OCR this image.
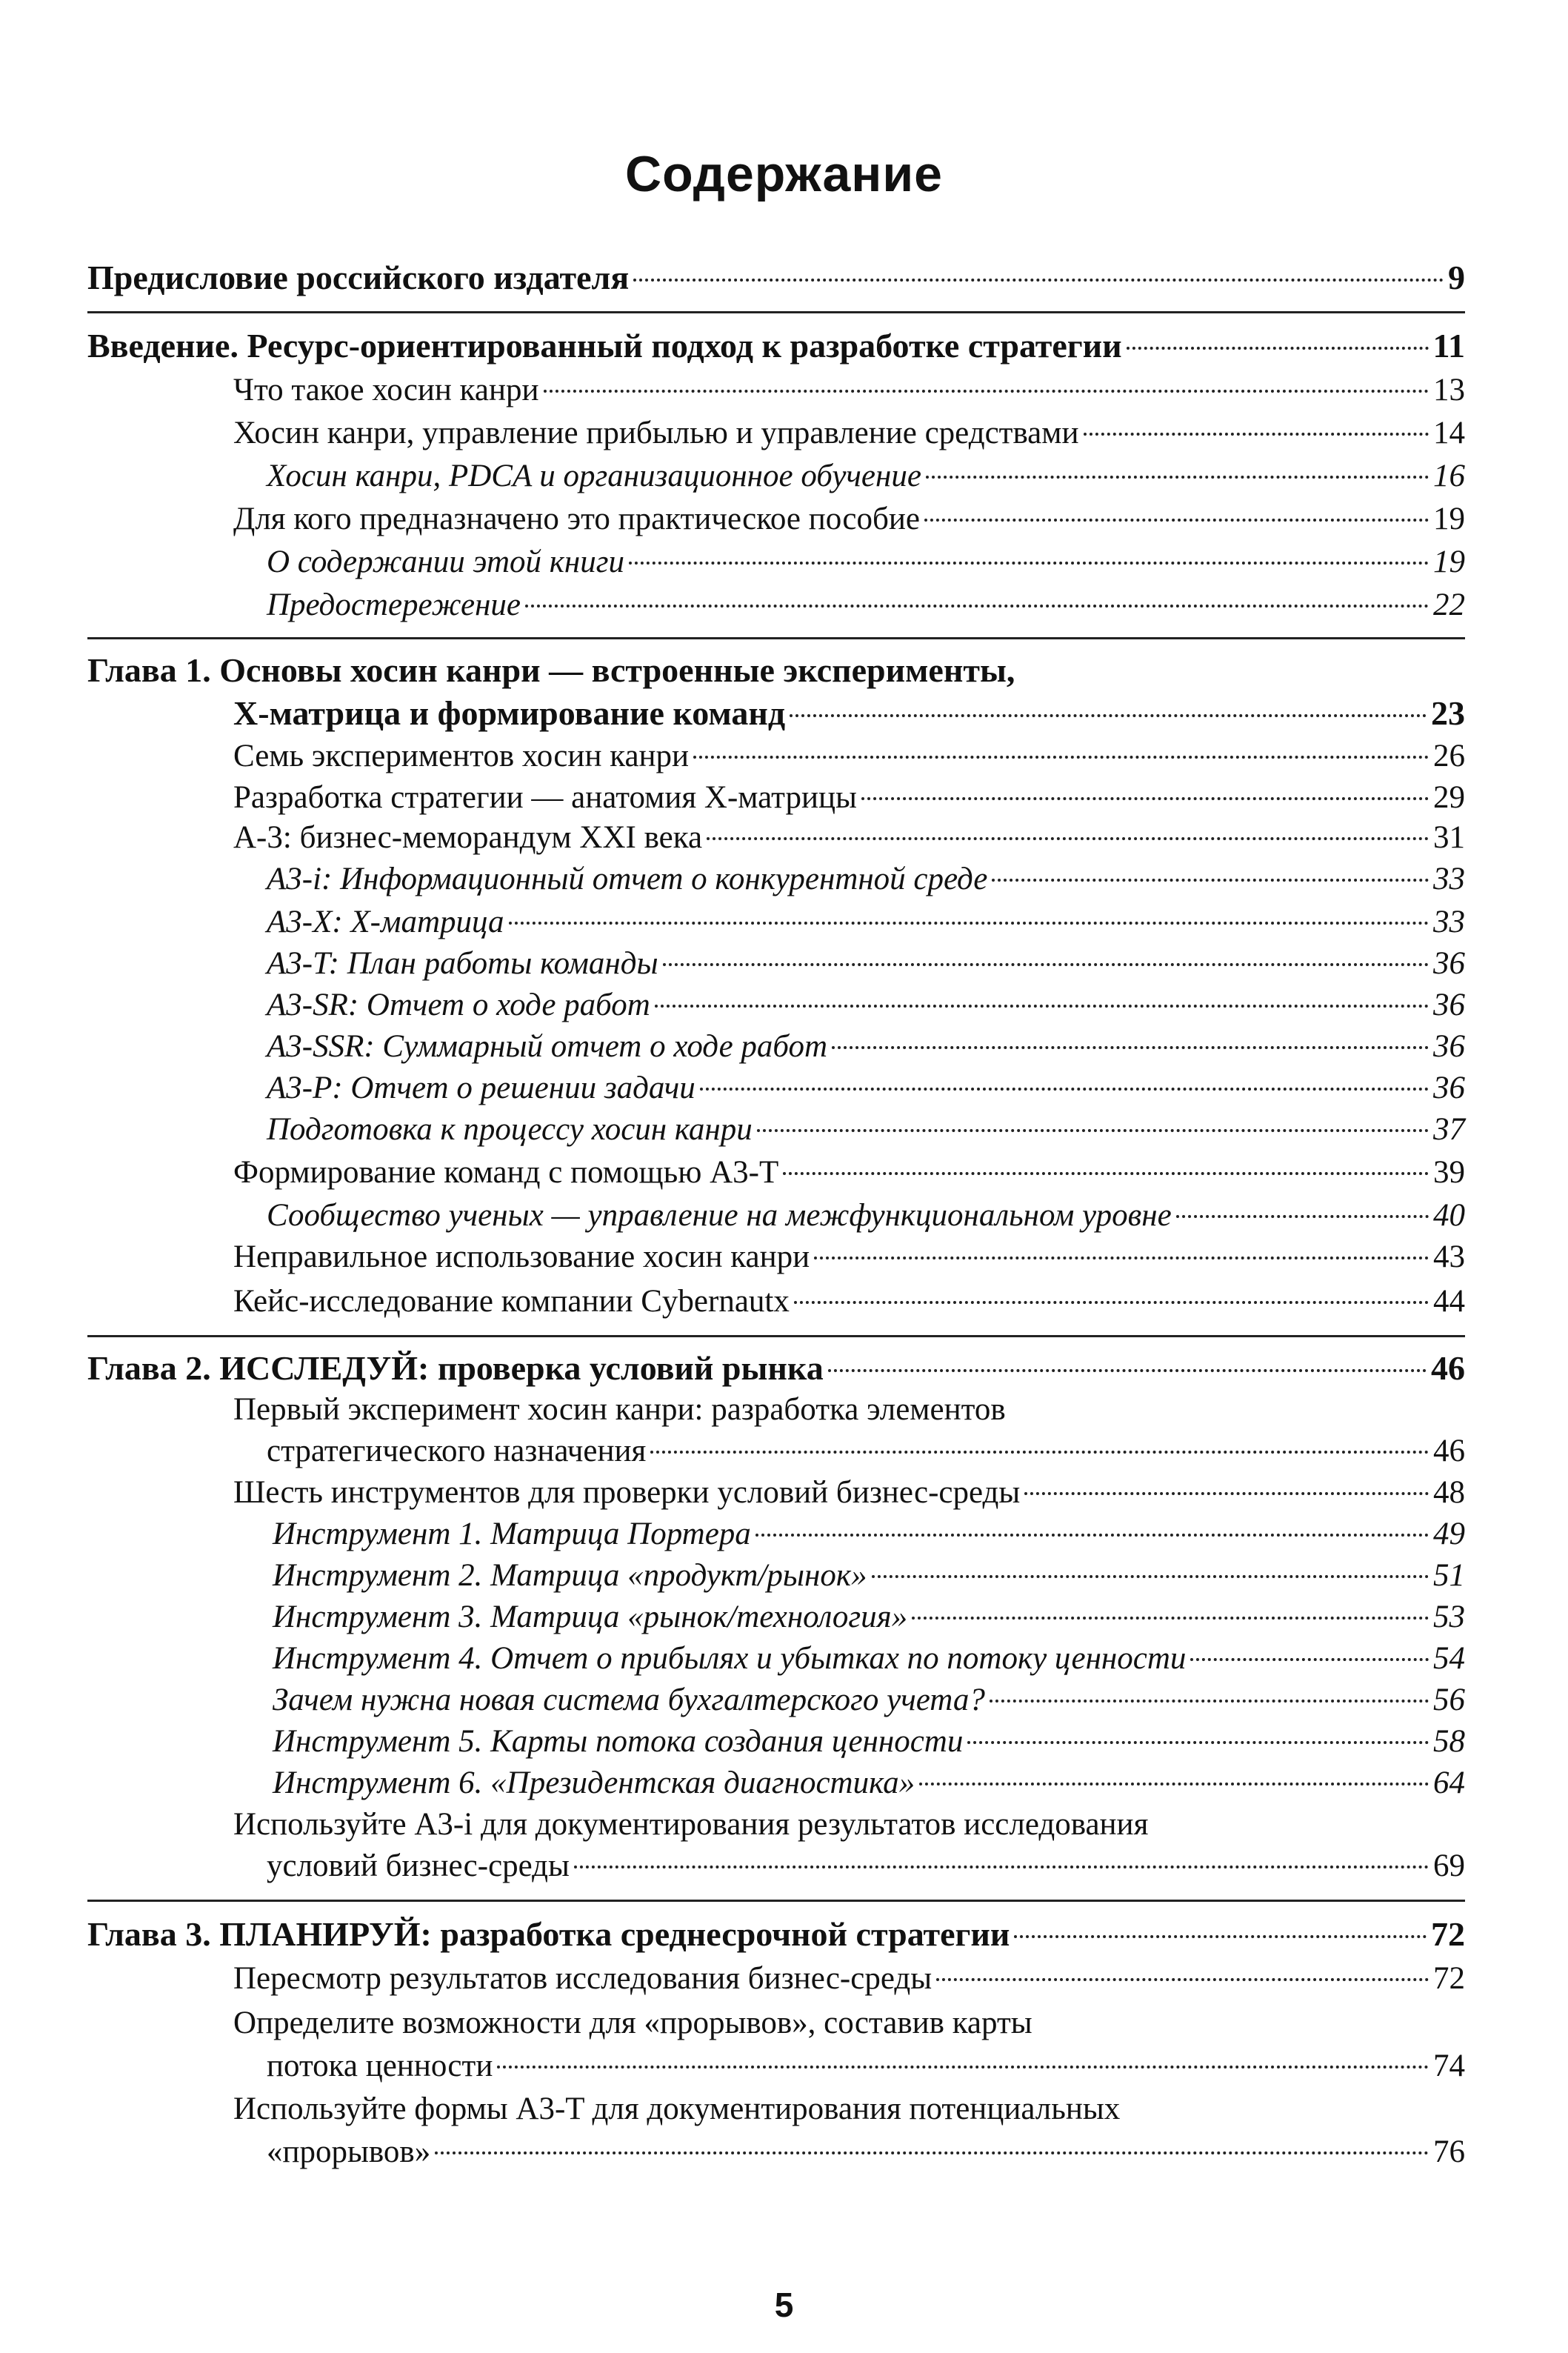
Содержание
Предисловие российского издателя	9
Введение. Ресурс-ориентированный подход к разработке стратегии	11
Что такое хосин канри	13
Хосин канри, управление прибылью и управление средствами	14
Хосин канри, PDCA и организационное обучение	16
Для кого предназначено это практическое пособие	19
О содержании этой книги	19
Предостережение	22
Глава 1. Основы хосин канри — встроенные эксперименты,
Х-матрица и формирование команд	23
Семь экспериментов хосин канри	26
Разработка стратегии — анатомия Х-матрицы	29
А-3: бизнес-меморандум XXI века	31
A3-i: Информационный отчет о конкурентной среде	33
A3-X: Х-матрица	33
A3-T: План работы команды	36
A3-SR: Отчет о ходе работ	36
A3-SSR: Суммарный отчет о ходе работ	36
A3-P: Отчет о решении задачи	36
Подготовка к процессу хосин канри	37
Формирование команд с помощью A3-T	39
Сообщество ученых — управление на межфункциональном уровне	40
Неправильное использование хосин канри	43
Кейс-исследование компании Cybernautx	44
Глава 2. ИССЛЕДУЙ: проверка условий рынка	46
Первый эксперимент хосин канри: разработка элементов
стратегического назначения	46
Шесть инструментов для проверки условий бизнес-среды	48
Инструмент 1. Матрица Портера	49
Инструмент 2. Матрица «продукт/рынок»	51
Инструмент 3. Матрица «рынок/технология»	53
Инструмент 4. Отчет о прибылях и убытках по потоку ценности	54
Зачем нужна новая система бухгалтерского учета?	56
Инструмент 5. Карты потока создания ценности	58
Инструмент 6. «Президентская диагностика»	64
Используйте A3-i для документирования результатов исследования
условий бизнес-среды	69
Глава 3. ПЛАНИРУЙ: разработка среднесрочной стратегии	72
Пересмотр результатов исследования бизнес-среды	72
Определите возможности для «прорывов», составив карты
потока ценности	74
Используйте формы A3-T для документирования потенциальных
«прорывов»	76
5
